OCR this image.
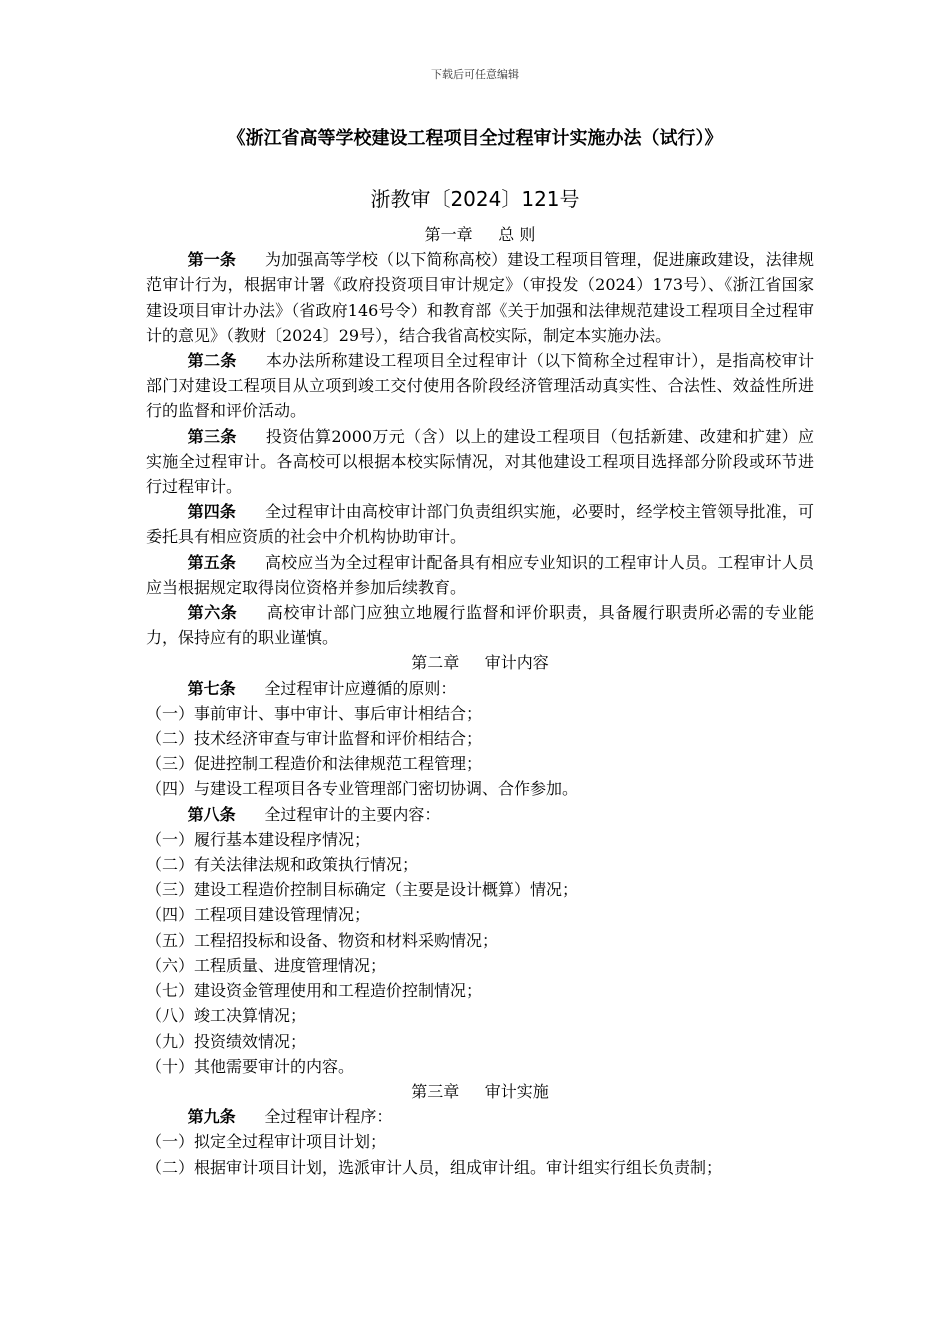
下载后可任意编辑
《浙江省高等学校建设工程项目全过程审计实施办法（试行）》
浙教审〔2024〕121号

第一章 总 则

第一条 为加强高等学校（以下简称高校）建设工程项目管理，促进廉政建设，法律规范审计行为，根据审计署《政府投资项目审计规定》（审投发（2024）173号）、《浙江省国家建设项目审计办法》（省政府146号令）和教育部《关于加强和法律规范建设工程项目全过程审计的意见》（教财〔2024〕29号），结合我省高校实际，制定本实施办法。

第二条 本办法所称建设工程项目全过程审计（以下简称全过程审计），是指高校审计部门对建设工程项目从立项到竣工交付使用各阶段经济管理活动真实性、合法性、效益性所进行的监督和评价活动。

第三条 投资估算2000万元（含）以上的建设工程项目（包括新建、改建和扩建）应实施全过程审计。各高校可以根据本校实际情况，对其他建设工程项目选择部分阶段或环节进行过程审计。

第四条 全过程审计由高校审计部门负责组织实施，必要时，经学校主管领导批准，可委托具有相应资质的社会中介机构协助审计。

第五条 高校应当为全过程审计配备具有相应专业知识的工程审计人员。工程审计人员应当根据规定取得岗位资格并参加后续教育。

第六条 高校审计部门应独立地履行监督和评价职责，具备履行职责所必需的专业能力，保持应有的职业谨慎。

第二章 审计内容

第七条 全过程审计应遵循的原则：

（一）事前审计、事中审计、事后审计相结合；

（二）技术经济审查与审计监督和评价相结合；

（三）促进控制工程造价和法律规范工程管理；

（四）与建设工程项目各专业管理部门密切协调、合作参加。

第八条 全过程审计的主要内容：

（一）履行基本建设程序情况；

（二）有关法律法规和政策执行情况；

（三）建设工程造价控制目标确定（主要是设计概算）情况；

（四）工程项目建设管理情况；

（五）工程招投标和设备、物资和材料采购情况；

（六）工程质量、进度管理情况；

（七）建设资金管理使用和工程造价控制情况；

（八）竣工决算情况；

（九）投资绩效情况；

（十）其他需要审计的内容。

第三章 审计实施

第九条 全过程审计程序：

（一）拟定全过程审计项目计划；

（二）根据审计项目计划，选派审计人员，组成审计组。审计组实行组长负责制；
